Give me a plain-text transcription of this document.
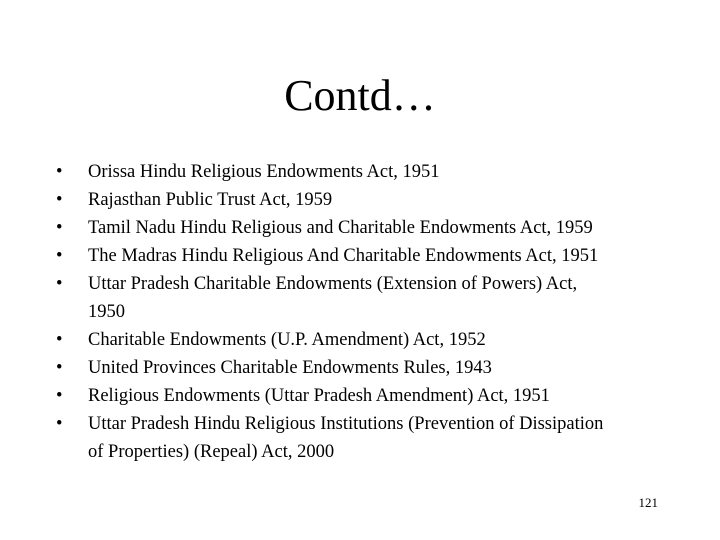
Contd…
•	Orissa Hindu Religious Endowments Act, 1951
•	Rajasthan Public Trust Act, 1959
•	Tamil Nadu Hindu Religious and Charitable Endowments Act, 1959
•	The Madras Hindu Religious And Charitable Endowments Act, 1951
•	Uttar Pradesh Charitable Endowments (Extension of Powers) Act,
1950
•	Charitable Endowments (U.P. Amendment) Act, 1952
•	United Provinces Charitable Endowments Rules, 1943
•	Religious Endowments (Uttar Pradesh Amendment) Act, 1951
•	Uttar Pradesh Hindu Religious Institutions (Prevention of Dissipation
of Properties) (Repeal) Act, 2000
121
